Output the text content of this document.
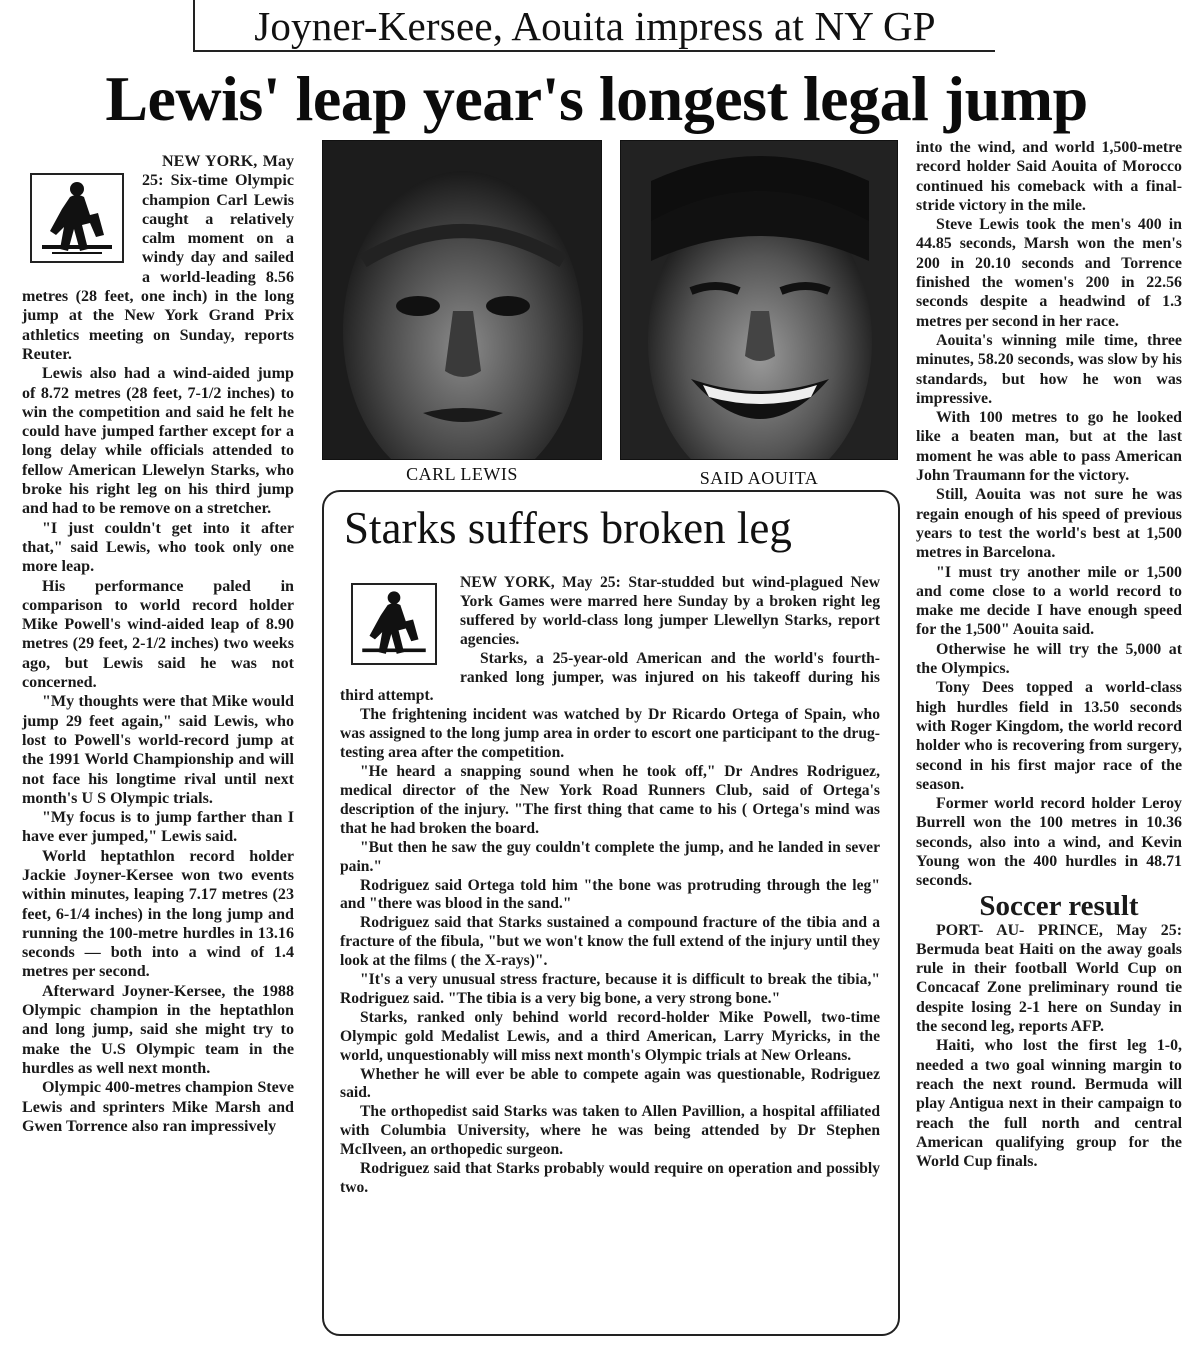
Joyner-Kersee, Aouita impress at NY GP
Lewis' leap year's longest legal jump

NEW YORK, May 25: Six-time Olympic champion Carl Lewis caught a relatively calm moment on a windy day and sailed a world-leading 8.56 metres (28 feet, one inch) in the long jump at the New York Grand Prix athletics meeting on Sunday, reports Reuter.

Lewis also had a wind-aided jump of 8.72 metres (28 feet, 7-1/2 inches) to win the competition and said he felt he could have jumped farther except for a long delay while officials attended to fellow American Llewelyn Starks, who broke his right leg on his third jump and had to be remove on a stretcher.

"I just couldn't get into it after that," said Lewis, who took only one more leap.

His performance paled in comparison to world record holder Mike Powell's wind-aided leap of 8.90 metres (29 feet, 2-1/2 inches) two weeks ago, but Lewis said he was not concerned.

"My thoughts were that Mike would jump 29 feet again," said Lewis, who lost to Powell's world-record jump at the 1991 World Championship and will not face his longtime rival until next month's U S Olympic trials.

"My focus is to jump farther than I have ever jumped," Lewis said.

World heptathlon record holder Jackie Joyner-Kersee won two events within minutes, leaping 7.17 metres (23 feet, 6-1/4 inches) in the long jump and running the 100-metre hurdles in 13.16 seconds — both into a wind of 1.4 metres per second.

Afterward Joyner-Kersee, the 1988 Olympic champion in the heptathlon and long jump, said she might try to make the U.S Olympic team in the hurdles as well next month.

Olympic 400-metres champion Steve Lewis and sprinters Mike Marsh and Gwen Torrence also ran impressively

CARL LEWIS	SAID AOUITA
Starks suffers broken leg

NEW YORK, May 25: Star-studded but wind-plagued New York Games were marred here Sunday by a broken right leg suffered by world-class long jumper Llewellyn Starks, report agencies.

Starks, a 25-year-old American and the world's fourth-ranked long jumper, was injured on his takeoff during his third attempt.

The frightening incident was watched by Dr Ricardo Ortega of Spain, who was assigned to the long jump area in order to escort one participant to the drug-testing area after the competition.

"He heard a snapping sound when he took off," Dr Andres Rodriguez, medical director of the New York Road Runners Club, said of Ortega's description of the injury. "The first thing that came to his ( Ortega's mind was that he had broken the board.

"But then he saw the guy couldn't complete the jump, and he landed in sever pain."

Rodriguez said Ortega told him "the bone was protruding through the leg" and "there was blood in the sand."

Rodriguez said that Starks sustained a compound fracture of the tibia and a fracture of the fibula, "but we won't know the full extend of the injury until they look at the films ( the X-rays)".

"It's a very unusual stress fracture, because it is difficult to break the tibia," Rodriguez said. "The tibia is a very big bone, a very strong bone."

Starks, ranked only behind world record-holder Mike Powell, two-time Olympic gold Medalist Lewis, and a third American, Larry Myricks, in the world, unquestionably will miss next month's Olympic trials at New Orleans.

Whether he will ever be able to compete again was questionable, Rodriguez said.

The orthopedist said Starks was taken to Allen Pavillion, a hospital affiliated with Columbia University, where he was being attended by Dr Stephen McIlveen, an orthopedic surgeon.

Rodriguez said that Starks probably would require on operation and possibly two.

into the wind, and world 1,500-metre record holder Said Aouita of Morocco continued his comeback with a final-stride victory in the mile.

Steve Lewis took the men's 400 in 44.85 seconds, Marsh won the men's 200 in 20.10 seconds and Torrence finished the women's 200 in 22.56 seconds despite a headwind of 1.3 metres per second in her race.

Aouita's winning mile time, three minutes, 58.20 seconds, was slow by his standards, but how he won was impressive.

With 100 metres to go he looked like a beaten man, but at the last moment he was able to pass American John Traumann for the victory.

Still, Aouita was not sure he was regain enough of his speed of previous years to test the world's best at 1,500 metres in Barcelona.

"I must try another mile or 1,500 and come close to a world record to make me decide I have enough speed for the 1,500" Aouita said.

Otherwise he will try the 5,000 at the Olympics.

Tony Dees topped a world-class high hurdles field in 13.50 seconds with Roger Kingdom, the world record holder who is recovering from surgery, second in his first major race of the season.

Former world record holder Leroy Burrell won the 100 metres in 10.36 seconds, also into a wind, and Kevin Young won the 400 hurdles in 48.71 seconds.

Soccer result

PORT- AU- PRINCE, May 25: Bermuda beat Haiti on the away goals rule in their football World Cup on Concacaf Zone preliminary round tie despite losing 2-1 here on Sunday in the second leg, reports AFP.

Haiti, who lost the first leg 1-0, needed a two goal winning margin to reach the next round. Bermuda will play Antigua next in their campaign to reach the full north and central American qualifying group for the World Cup finals.
